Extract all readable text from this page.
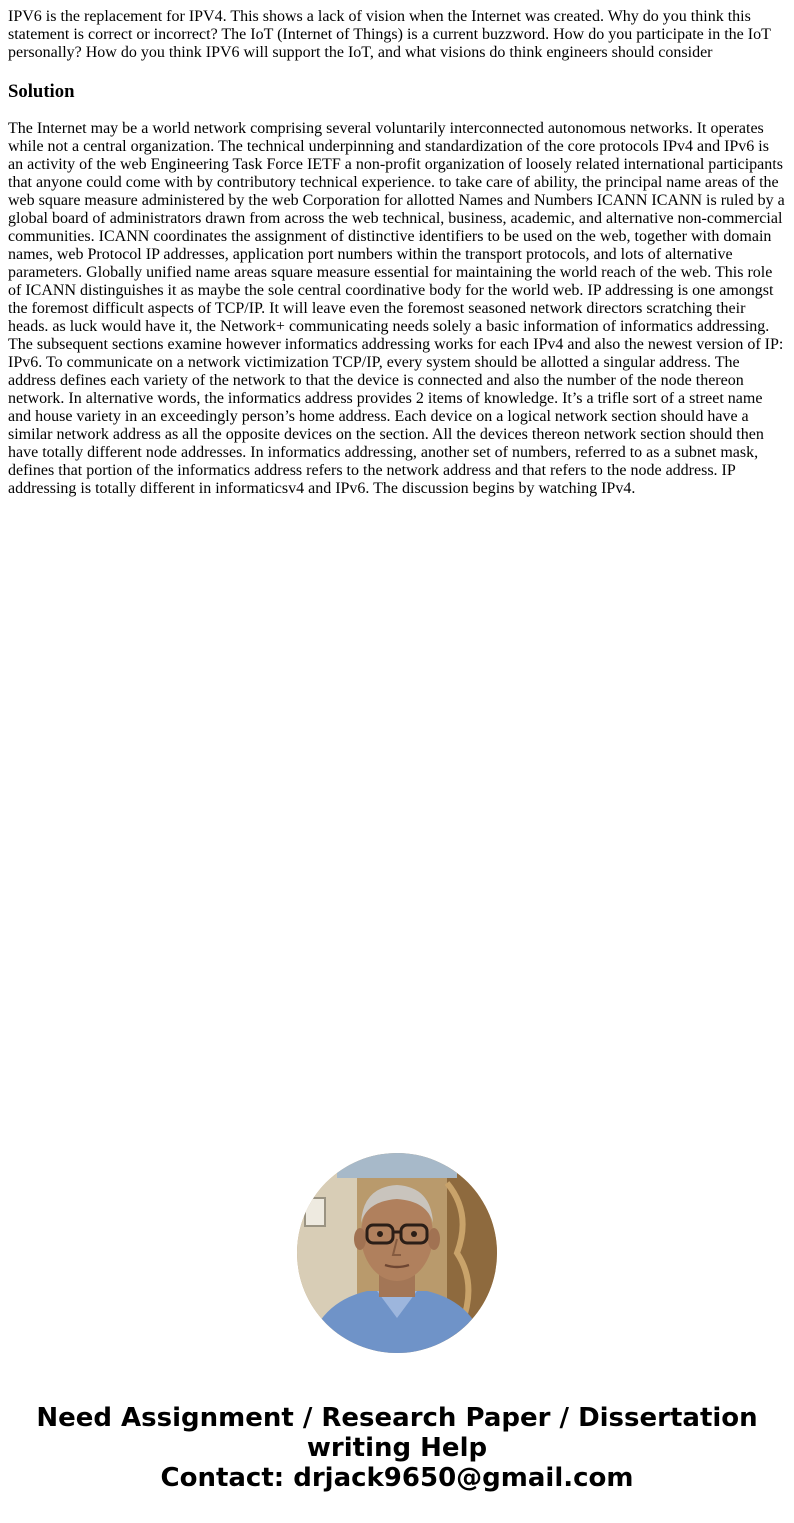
IPV6 is the replacement for IPV4. This shows a lack of vision when the Internet was created. Why do you think this statement is correct or incorrect? The IoT (Internet of Things) is a current buzzword. How do you participate in the IoT personally? How do you think IPV6 will support the IoT, and what visions do think engineers should consider

Solution

The Internet may be a world network comprising several voluntarily interconnected autonomous networks. It operates while not a central organization. The technical underpinning and standardization of the core protocols IPv4 and IPv6 is an activity of the web Engineering Task Force IETF a non-profit organization of loosely related international participants that anyone could come with by contributory technical experience. to take care of ability, the principal name areas of the web square measure administered by the web Corporation for allotted Names and Numbers ICANN ICANN is ruled by a global board of administrators drawn from across the web technical, business, academic, and alternative non-commercial communities. ICANN coordinates the assignment of distinctive identifiers to be used on the web, together with domain names, web Protocol IP addresses, application port numbers within the transport protocols, and lots of alternative parameters. Globally unified name areas square measure essential for maintaining the world reach of the web. This role of ICANN distinguishes it as maybe the sole central coordinative body for the world web. IP addressing is one amongst the foremost difficult aspects of TCP/IP. It will leave even the foremost seasoned network directors scratching their heads. as luck would have it, the Network+ communicating needs solely a basic information of informatics addressing. The subsequent sections examine however informatics addressing works for each IPv4 and also the newest version of IP: IPv6. To communicate on a network victimization TCP/IP, every system should be allotted a singular address. The address defines each variety of the network to that the device is connected and also the number of the node thereon network. In alternative words, the informatics address provides 2 items of knowledge. It’s a trifle sort of a street name and house variety in an exceedingly person’s home address. Each device on a logical network section should have a similar network address as all the opposite devices on the section. All the devices thereon network section should then have totally different node addresses. In informatics addressing, another set of numbers, referred to as a subnet mask, defines that portion of the informatics address refers to the network address and that refers to the node address. IP addressing is totally different in informaticsv4 and IPv6. The discussion begins by watching IPv4.

Need Assignment / Research Paper / Dissertation
writing Help
Contact: drjack9650@gmail.com
